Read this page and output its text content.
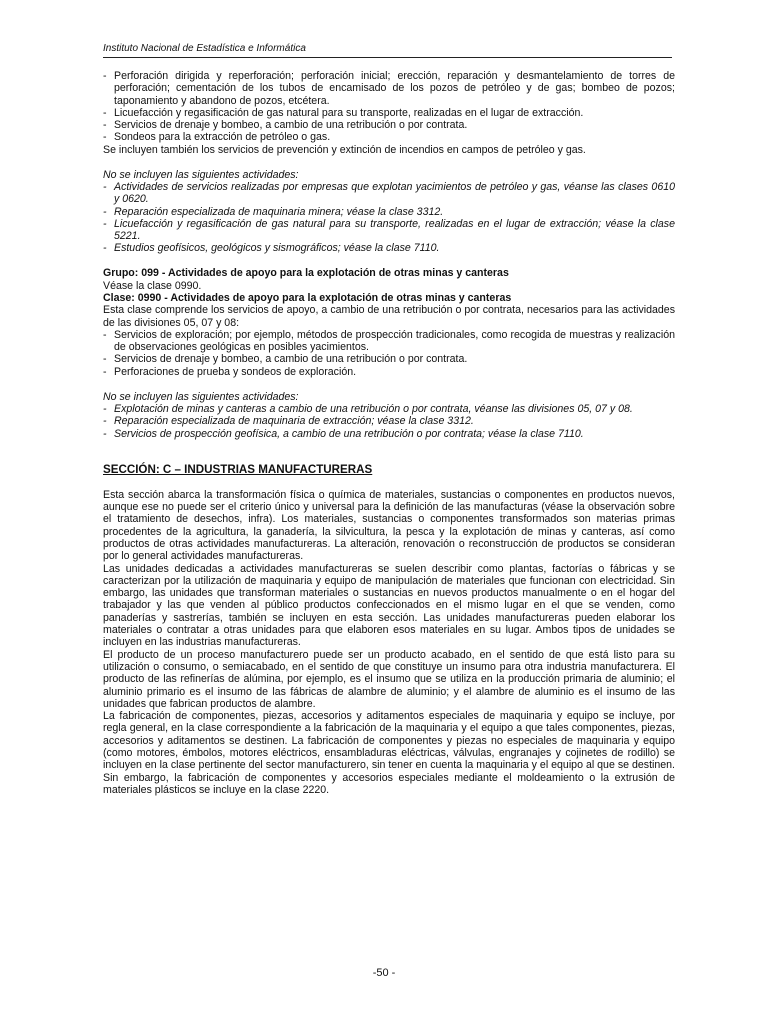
Instituto Nacional de Estadística e Informática
- Perforación dirigida y reperforación; perforación inicial; erección, reparación y desmantelamiento de torres de perforación; cementación de los tubos de encamisado de los pozos de petróleo y de gas; bombeo de pozos; taponamiento y abandono de pozos, etcétera.
- Licuefacción y regasificación de gas natural para su transporte, realizadas en el lugar de extracción.
- Servicios de drenaje y bombeo, a cambio de una retribución o por contrata.
- Sondeos para la extracción de petróleo o gas.

Se incluyen también los servicios de prevención y extinción de incendios en campos de petróleo y gas.

No se incluyen las siguientes actividades:

- Actividades de servicios realizadas por empresas que explotan yacimientos de petróleo y gas, véanse las clases 0610 y 0620.
- Reparación especializada de maquinaria minera; véase la clase 3312.
- Licuefacción y regasificación de gas natural para su transporte, realizadas en el lugar de extracción; véase la clase 5221.
- Estudios geofísicos, geológicos y sismográficos; véase la clase 7110.

Grupo: 099 - Actividades de apoyo para la explotación de otras minas y canteras

Véase la clase 0990.

Clase: 0990 - Actividades de apoyo para la explotación de otras minas y canteras

Esta clase comprende los servicios de apoyo, a cambio de una retribución o por contrata, necesarios para las actividades de las divisiones 05, 07 y 08:

- Servicios de exploración; por ejemplo, métodos de prospección tradicionales, como recogida de muestras y realización de observaciones geológicas en posibles yacimientos.
- Servicios de drenaje y bombeo, a cambio de una retribución o por contrata.
- Perforaciones de prueba y sondeos de exploración.

No se incluyen las siguientes actividades:

- Explotación de minas y canteras a cambio de una retribución o por contrata, véanse las divisiones 05, 07 y 08.
- Reparación especializada de maquinaria de extracción; véase la clase 3312.
- Servicios de prospección geofísica, a cambio de una retribución o por contrata; véase la clase 7110.
SECCIÓN: C – INDUSTRIAS MANUFACTURERAS

Esta sección abarca la transformación física o química de materiales, sustancias o componentes en productos nuevos, aunque ese no puede ser el criterio único y universal para la definición de las manufacturas (véase la observación sobre el tratamiento de desechos, infra). Los materiales, sustancias o componentes transformados son materias primas procedentes de la agricultura, la ganadería, la silvicultura, la pesca y la explotación de minas y canteras, así como productos de otras actividades manufactureras. La alteración, renovación o reconstrucción de productos se consideran por lo general actividades manufactureras.

Las unidades dedicadas a actividades manufactureras se suelen describir como plantas, factorías o fábricas y se caracterizan por la utilización de maquinaria y equipo de manipulación de materiales que funcionan con electricidad. Sin embargo, las unidades que transforman materiales o sustancias en nuevos productos manualmente o en el hogar del trabajador y las que venden al público productos confeccionados en el mismo lugar en el que se venden, como panaderías y sastrerías, también se incluyen en esta sección. Las unidades manufactureras pueden elaborar los materiales o contratar a otras unidades para que elaboren esos materiales en su lugar. Ambos tipos de unidades se incluyen en las industrias manufactureras.

El producto de un proceso manufacturero puede ser un producto acabado, en el sentido de que está listo para su utilización o consumo, o semiacabado, en el sentido de que constituye un insumo para otra industria manufacturera. El producto de las refinerías de alúmina, por ejemplo, es el insumo que se utiliza en la producción primaria de aluminio; el aluminio primario es el insumo de las fábricas de alambre de aluminio; y el alambre de aluminio es el insumo de las unidades que fabrican productos de alambre.

La fabricación de componentes, piezas, accesorios y aditamentos especiales de maquinaria y equipo se incluye, por regla general, en la clase correspondiente a la fabricación de la maquinaria y el equipo a que tales componentes, piezas, accesorios y aditamentos se destinen. La fabricación de componentes y piezas no especiales de maquinaria y equipo (como motores, émbolos, motores eléctricos, ensambladuras eléctricas, válvulas, engranajes y cojinetes de rodillo) se incluyen en la clase pertinente del sector manufacturero, sin tener en cuenta la maquinaria y el equipo al que se destinen. Sin embargo, la fabricación de componentes y accesorios especiales mediante el moldeamiento o la extrusión de materiales plásticos se incluye en la clase 2220.

-50 -
